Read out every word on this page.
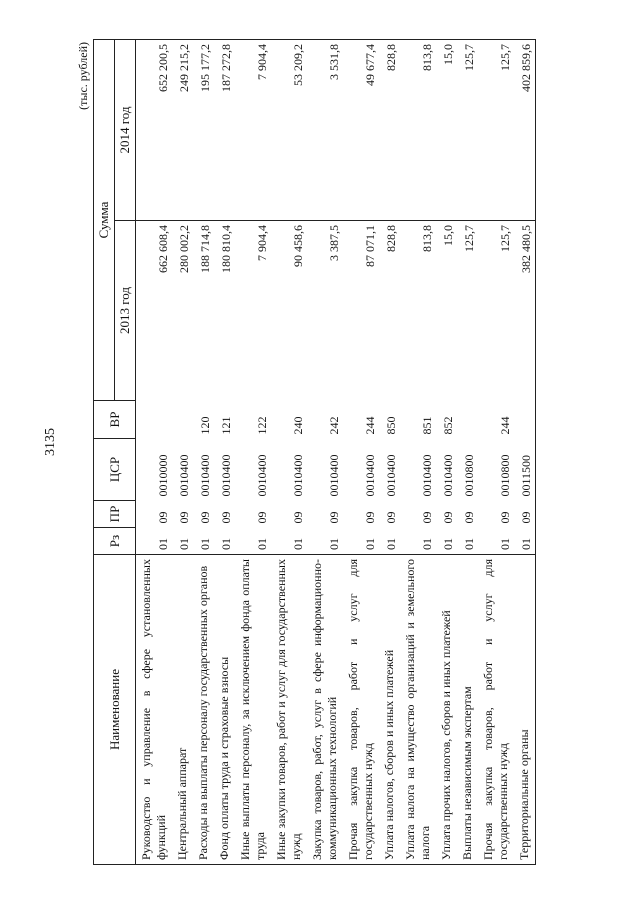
3135
(тыс. рублей)
Наименование	Рз	ПР	ЦСР	ВР	Сумма	
					2013 год	2014 год
Руководство и управление в сфере установленных функций	01	09	0010000		662 608,4	652 200,5
Центральный аппарат	01	09	0010400		280 002,2	249 215,2
Расходы на выплаты персоналу государственных органов	01	09	0010400	120	188 714,8	195 177,2
Фонд оплаты труда и страховые взносы	01	09	0010400	121	180 810,4	187 272,8
Иные выплаты персоналу, за исключением фонда оплаты труда	01	09	0010400	122	7 904,4	7 904,4
Иные закупки товаров, работ и услуг для государственных нужд	01	09	0010400	240	90 458,6	53 209,2
Закупка товаров, работ, услуг в сфере информационно-коммуникационных технологий	01	09	0010400	242	3 387,5	3 531,8
Прочая закупка товаров, работ и услуг для государственных нужд	01	09	0010400	244	87 071,1	49 677,4
Уплата налогов, сборов и иных платежей	01	09	0010400	850	828,8	828,8
Уплата налога на имущество организаций и земельного налога	01	09	0010400	851	813,8	813,8
Уплата прочих налогов, сборов и иных платежей	01	09	0010400	852	15,0	15,0
Выплаты независимым экспертам	01	09	0010800		125,7	125,7
Прочая закупка товаров, работ и услуг для государственных нужд	01	09	0010800	244	125,7	125,7
Территориальные органы	01	09	0011500		382 480,5	402 859,6
